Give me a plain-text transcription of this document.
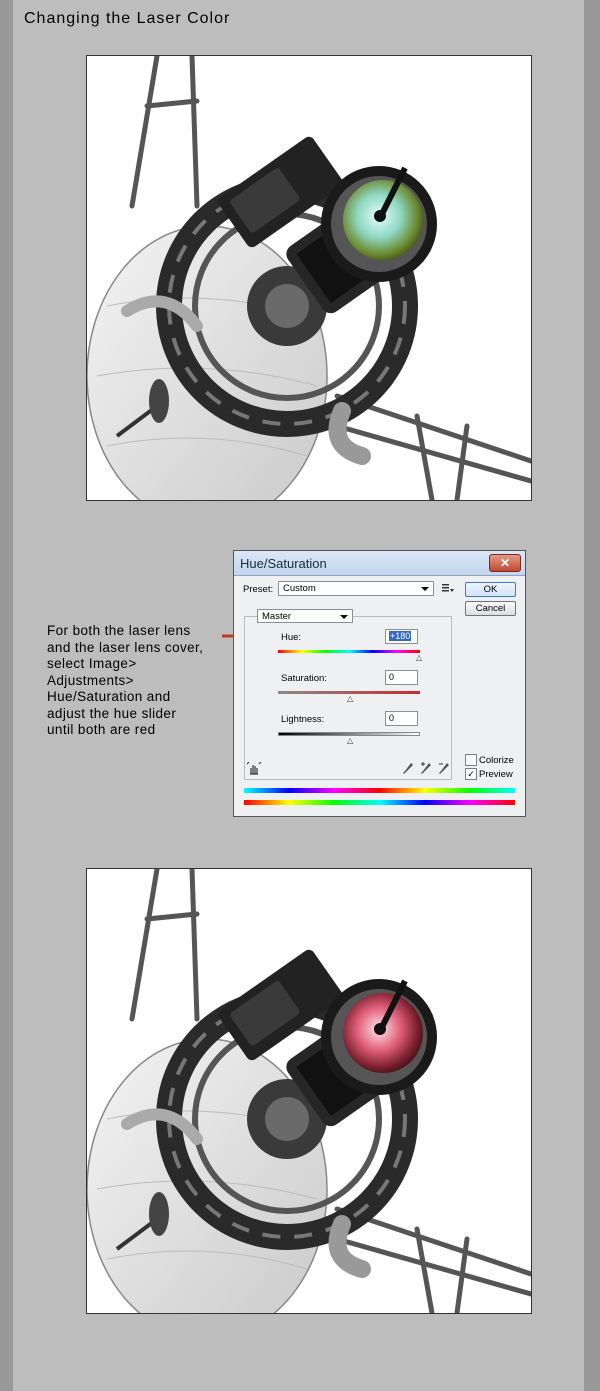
Changing the Laser Color
For both the laser lens
and the laser lens cover,
select Image>
Adjustments>
Hue/Saturation and
adjust the hue slider
until both are red
Hue/Saturation	✕
Preset:	Custom	OK
Cancel
Master
Hue:	+180
△
Saturation:	0
△
Lightness:	0
△
Colorize
✓ Preview
